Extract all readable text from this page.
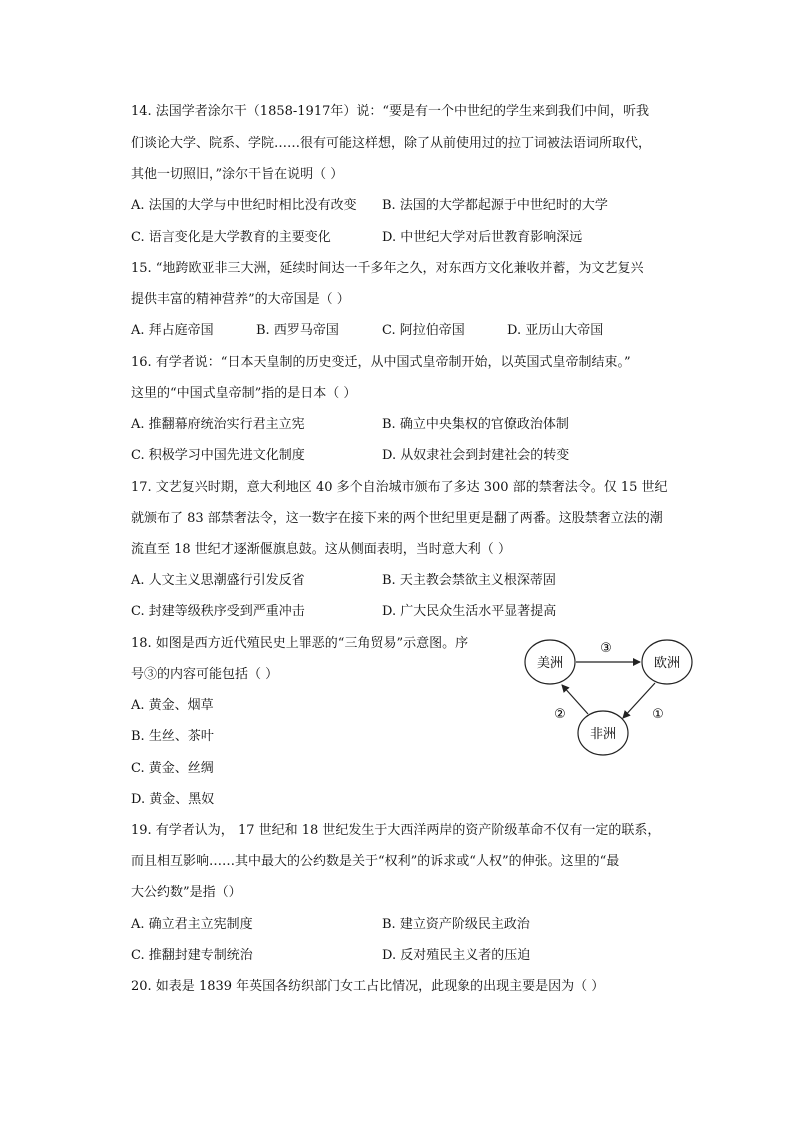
14. 法国学者涂尔干（1858-1917年）说：“要是有一个中世纪的学生来到我们中间，听我
们谈论大学、院系、学院……很有可能这样想，除了从前使用过的拉丁词被法语词所取代，
其他一切照旧，”涂尔干旨在说明（ ）
A. 法国的大学与中世纪时相比没有改变 B. 法国的大学都起源于中世纪时的大学
C. 语言变化是大学教育的主要变化	D. 中世纪大学对后世教育影响深远
15. “地跨欧亚非三大洲，延续时间达一千多年之久，对东西方文化兼收并蓄，为文艺复兴
提供丰富的精神营养”的大帝国是（ ）
A. 拜占庭帝国	B. 西罗马帝国	C. 阿拉伯帝国	D. 亚历山大帝国
16. 有学者说：“日本天皇制的历史变迁，从中国式皇帝制开始，以英国式皇帝制结束。”
这里的“中国式皇帝制”指的是日本（ ）
A. 推翻幕府统治实行君主立宪	B. 确立中央集权的官僚政治体制
C. 积极学习中国先进文化制度	D. 从奴隶社会到封建社会的转变
17. 文艺复兴时期，意大利地区 40 多个自治城市颁布了多达 300 部的禁奢法令。仅 15 世纪
就颁布了 83 部禁奢法令，这一数字在接下来的两个世纪里更是翻了两番。这股禁奢立法的潮
流直至 18 世纪才逐渐偃旗息鼓。这从侧面表明，当时意大利（ ）
A. 人文主义思潮盛行引发反省	B. 天主教会禁欲主义根深蒂固
C. 封建等级秩序受到严重冲击	D. 广大民众生活水平显著提高
18. 如图是西方近代殖民史上罪恶的“三角贸易”示意图。序
号③的内容可能包括（ ）
A. 黄金、烟草
B. 生丝、茶叶
C. 黄金、丝绸
D. 黄金、黑奴
美洲	欧洲
非洲
③
①
②
19. 有学者认为， 17 世纪和 18 世纪发生于大西洋两岸的资产阶级革命不仅有一定的联系，
而且相互影响……其中最大的公约数是关于“权利”的诉求或“人权”的伸张。这里的“最
大公约数”是指（）
A. 确立君主立宪制度	B. 建立资产阶级民主政治
C. 推翻封建专制统治	D. 反对殖民主义者的压迫
20. 如表是 1839 年英国各纺织部门女工占比情况，此现象的出现主要是因为（ ）
